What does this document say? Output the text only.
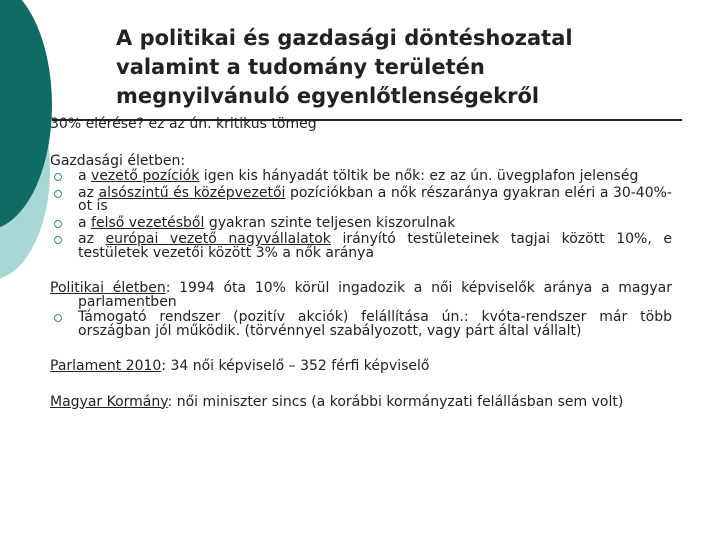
A politikai és gazdasági döntéshozatal
valamint a tudomány területén
megnyilvánuló egyenlőtlenségekről

30% elérése? ez az ún. kritikus tömeg

Gazdasági életben:

a vezető pozíciók igen kis hányadát töltik be nők: ez az ún. üvegplafon jelenség
az alsószintű és középvezetői pozíciókban a nők részaránya gyakran eléri a 30-40%-ot is
a felső vezetésből gyakran szinte teljesen kiszorulnak
az európai vezető nagyvállalatok irányító testületeinek tagjai között 10%, e testületek vezetői között 3% a nők aránya

Politikai életben: 1994 óta 10% körül ingadozik a női képviselők aránya a magyar parlamentben

Támogató rendszer (pozitív akciók) felállítása ún.: kvóta-rendszer már több országban jól működik. (törvénnyel szabályozott, vagy párt által vállalt)

Parlament 2010: 34 női képviselő – 352 férfi képviselő

Magyar Kormány: női miniszter sincs (a korábbi kormányzati felállásban sem volt)
